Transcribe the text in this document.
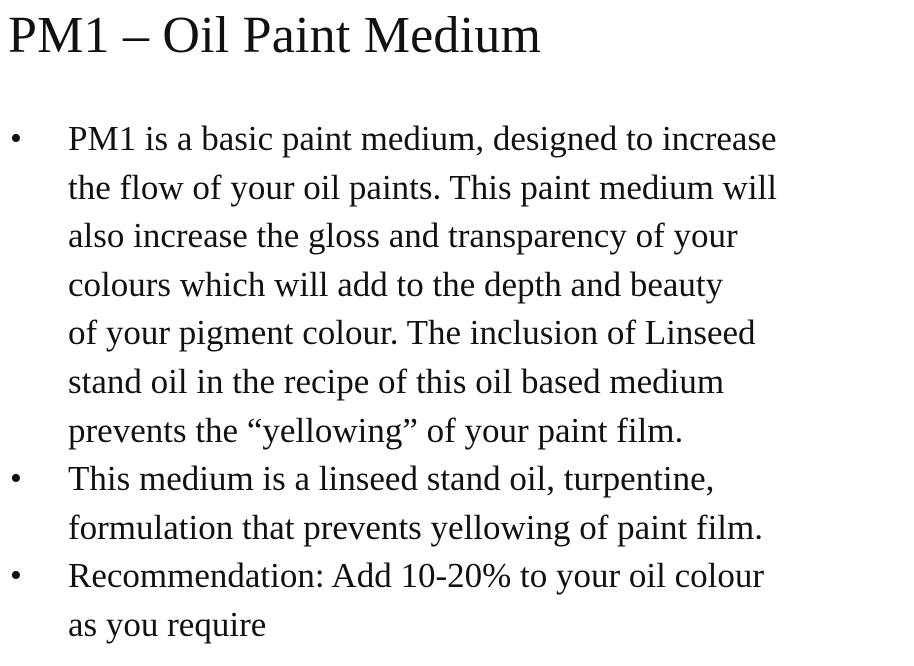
PM1 – Oil Paint Medium
• PM1 is a basic paint medium, designed to increase
the flow of your oil paints. This paint medium will
also increase the gloss and transparency of your
colours which will add to the depth and beauty
of your pigment colour. The inclusion of Linseed
stand oil in the recipe of this oil based medium
prevents the “yellowing” of your paint film.
• This medium is a linseed stand oil, turpentine,
formulation that prevents yellowing of paint film.
• Recommendation: Add 10-20% to your oil colour
as you require
